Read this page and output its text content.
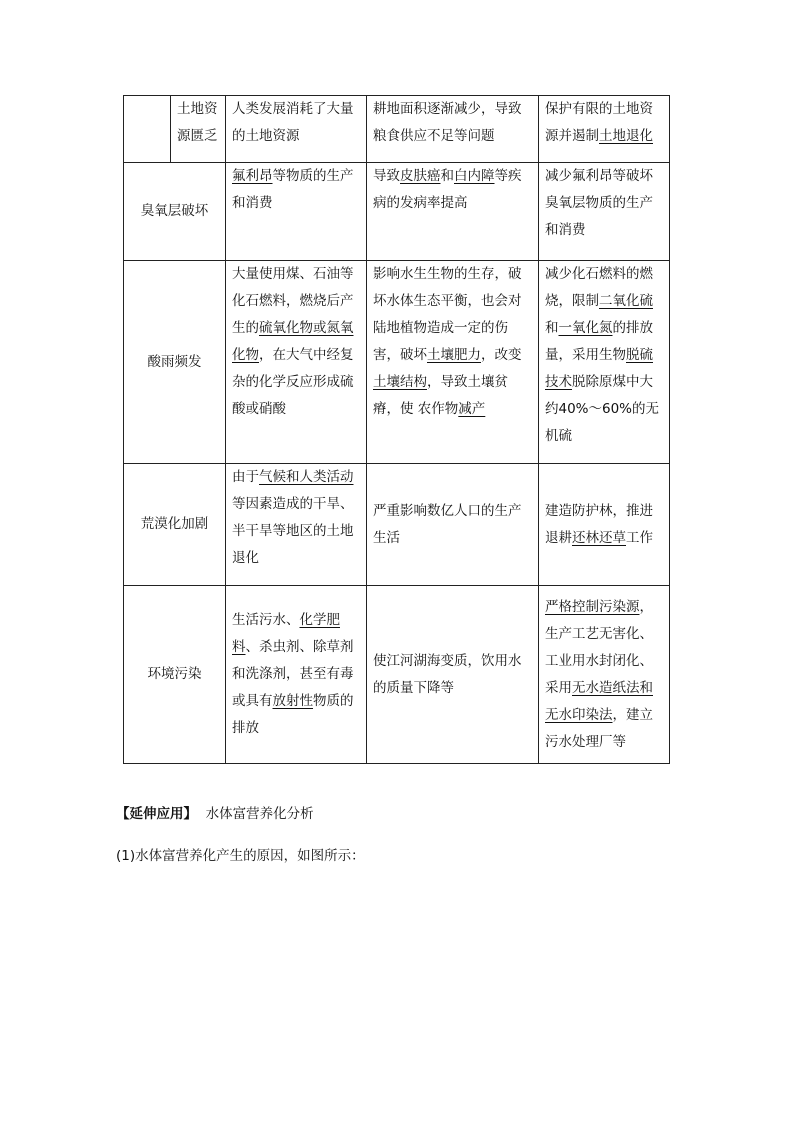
	土地资源匮乏	人类发展消耗了大量的土地资源	耕地面积逐渐减少，导致粮食供应不足等问题	保护有限的土地资源并遏制土地退化
臭氧层破坏		氟利昂等物质的生产和消费	导致皮肤癌和白内障等疾病的发病率提高	减少氟利昂等破坏臭氧层物质的生产和消费
酸雨频发		大量使用煤、石油等化石燃料，燃烧后产生的硫氧化物或氮氧化物，在大气中经复杂的化学反应形成硫酸或硝酸	影响水生生物的生存，破坏水体生态平衡，也会对陆地植物造成一定的伤害，破坏土壤肥力，改变土壤结构，导致土壤贫瘠，使 农作物减产	减少化石燃料的燃烧，限制二氧化硫和一氧化氮的排放量，采用生物脱硫技术脱除原煤中大约40%～60%的无机硫
荒漠化加剧		由于气候和人类活动等因素造成的干旱、半干旱等地区的土地退化	严重影响数亿人口的生产生活	建造防护林，推进退耕还林还草工作
环境污染		生活污水、化学肥料、杀虫剂、除草剂和洗涤剂，甚至有毒或具有放射性物质的排放	使江河湖海变质，饮用水的质量下降等	严格控制污染源，生产工艺无害化、工业用水封闭化、采用无水造纸法和无水印染法，建立污水处理厂等
【延伸应用】 水体富营养化分析
(1)水体富营养化产生的原因，如图所示：
